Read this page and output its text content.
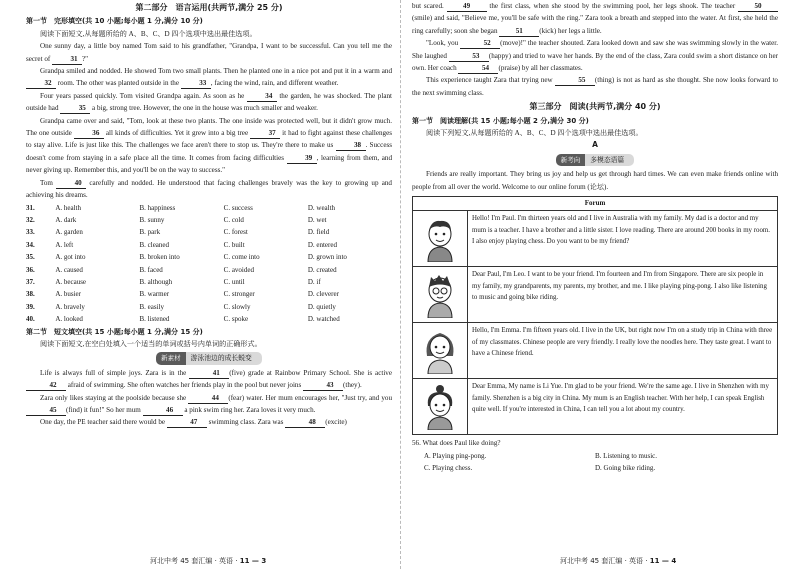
第二部分　语言运用(共两节,满分 25 分)
第一节　完形填空(共 10 小题;每小题 1 分,满分 10 分)

阅读下面短文,从每题所给的 A、B、C、D 四个选项中选出最佳选项。

One sunny day, a little boy named Tom said to his grandfather, "Grandpa, I want to be successful. Can you tell me the secret of	31 ?"

Grandpa smiled and nodded. He showed Tom two small plants. Then he planted one in a nice pot and put it in a warm and 32 room. The other was planted outside in the	33 , facing the wind, rain, and different weather.

Four years passed quickly. Tom visited Grandpa again. As soon as he	34 the garden, he was shocked. The plant outside had	35 a big, strong tree. However, the one in the house was much smaller and weaker.

Grandpa came over and said, "Tom, look at these two plants. The one inside was protected well, but it didn't grow much. The one outside	36 all kinds of difficulties. Yet it grew into a big tree	37 it had to fight against these challenges to stay alive. Life is just like this. The challenges we face aren't there to stop us. They're there to make us	38 . Success doesn't come from staying in a safe place all the time. It comes from facing difficulties	39 , learning from them, and never giving up. Remember this, and you'll be on the way to success."

Tom	40 carefully and nodded. He understood that facing challenges bravely was the key to growing up and achieving his dreams.

31.	A. health	B. happiness	C. success	D. wealth
32.	A. dark	B. sunny	C. cold	D. wet
33.	A. garden	B. park	C. forest	D. field
34.	A. left	B. cleaned	C. built	D. entered
35.	A. got into	B. broken into	C. come into	D. grown into
36.	A. caused	B. faced	C. avoided	D. created
37.	A. because	B. although	C. until	D. if
38.	A. busier	B. warmer	C. stronger	D. cleverer
39.	A. bravely	B. easily	C. slowly	D. quietly
40.	A. looked	B. listened	C. spoke	D. watched
第二节　短文填空(共 15 小题;每小题 1 分,满分 15 分)

阅读下面短文,在空白处填入一个适当的单词或括号内单词的正确形式。

新素材 游泳池边的成长蜕变

Life is always full of simple joys. Zara is in the	41 (five) grade at Rainbow Primary School. She is active 42 afraid of swimming. She often watches her friends play in the pool but never joins	43 (they).

Zara only likes staying at the poolside because she	44 (fear) water. Her mum encourages her, "Just try, and you 45 (find) it fun!" So her mum	46 a pink swim ring her. Zara loves it very much.

One day, the PE teacher said there would be	47 swimming class. Zara was	48 (excite)

河北中考 45 套汇编 · 英语 · 11 — 3

but scared. 49 the first class, when she stood by the swimming pool, her legs shook. The teacher 50(smile) and said, "Believe me, you'll be safe with the ring." Zara took a breath and stepped into the water. At first, she held the ring carefully; soon she began 51 (kick) her legs a little.

"Look, you	52 (move)!" the teacher shouted. Zara looked down and saw she was swimming slowly in the water. She laughed	53 (happy) and tried to wave her hands. By the end of the class, Zara could swim a short distance on her own. Her coach	54 (praise) by all her classmates.

This experience taught Zara that trying new	55 (thing) is not as hard as she thought. She now looks forward to the next swimming class.

第三部分　阅读(共两节,满分 40 分)
第一节　阅读理解(共 15 小题;每小题 2 分,满分 30 分)

阅读下列短文,从每题所给的 A、B、C、D 四个选项中选出最佳选项。

A
新考向 多模态语篇

Friends are really important. They bring us joy and help us get through hard times. We can even make friends online with people from all over the world. Welcome to our online forum (论坛).

Forum
Hello! I'm Paul. I'm thirteen years old and I live in Australia with my family. My dad is a doctor and my mum is a teacher. I have a brother and a little sister. I love reading. There are around 200 books in my room. I also enjoy playing chess. Do you want to be my friend?
Dear Paul, I'm Leo. I want to be your friend. I'm fourteen and I'm from Singapore. There are six people in my family, my grandparents, my parents, my brother, and me. I like playing ping-pong. I also like listening to music and going bike riding.
Hello, I'm Emma. I'm fifteen years old. I live in the UK, but right now I'm on a study trip in China with three of my classmates. Chinese people are very friendly. I really love the noodles here. They taste great. I want to have a Chinese friend.
Dear Emma, My name is Li Yue. I'm glad to be your friend. We're the same age. I live in Shenzhen with my family. Shenzhen is a big city in China. My mum is an English teacher. With her help, I can speak English quite well. If you're interested in China, I can tell you a lot about my country.

56. What does Paul like doing?

A. Playing ping-pong.	B. Listening to music.
C. Playing chess.	D. Going bike riding.
河北中考 45 套汇编 · 英语 · 11 — 4
